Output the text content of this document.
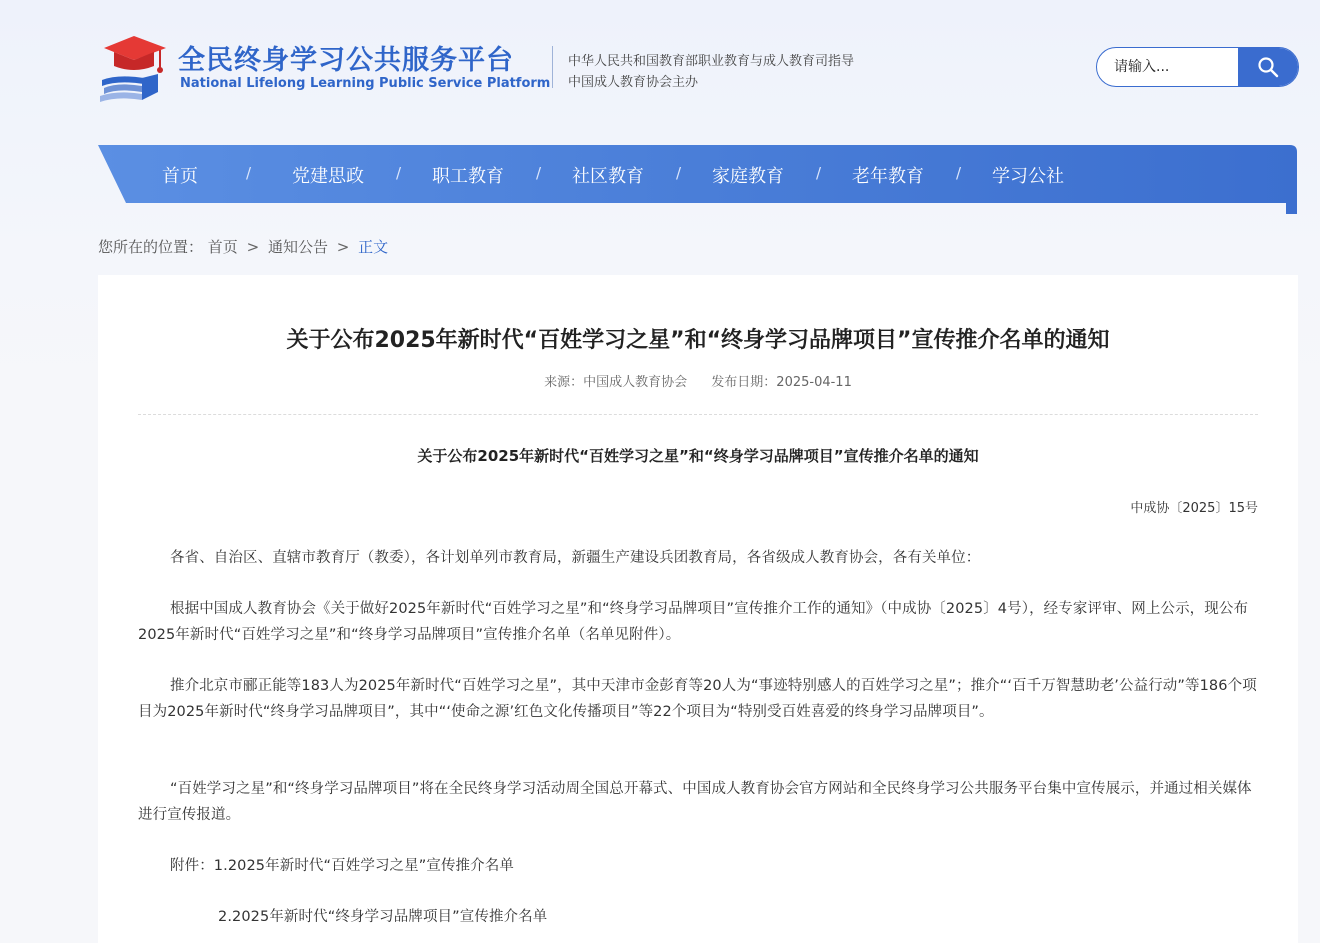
全民终身学习公共服务平台
National Lifelong Learning Public Service Platform
中华人民共和国教育部职业教育与成人教育司指导
中国成人教育协会主办
请输入...
首页	/ 党建思政 / 职工教育 / 社区教育 / 家庭教育 / 老年教育 / 学习公社
您所在的位置： 首页 > 通知公告 > 正文
关于公布2025年新时代“百姓学习之星”和“终身学习品牌项目”宣传推介名单的通知
来源：中国成人教育协会 发布日期：2025-04-11
关于公布2025年新时代“百姓学习之星”和“终身学习品牌项目”宣传推介名单的通知
中成协〔2025〕15号

各省、自治区、直辖市教育厅（教委），各计划单列市教育局，新疆生产建设兵团教育局，各省级成人教育协会，各有关单位：

根据中国成人教育协会《关于做好2025年新时代“百姓学习之星”和“终身学习品牌项目”宣传推介工作的通知》（中成协〔2025〕4号），经专家评审、网上公示，现公布2025年新时代“百姓学习之星”和“终身学习品牌项目”宣传推介名单（名单见附件）。

推介北京市郦正能等183人为2025年新时代“百姓学习之星”，其中天津市金彭育等20人为“事迹特别感人的百姓学习之星”；推介“‘百千万智慧助老’公益行动”等186个项目为2025年新时代“终身学习品牌项目”，其中“‘使命之源’红色文化传播项目”等22个项目为“特别受百姓喜爱的终身学习品牌项目”。

“百姓学习之星”和“终身学习品牌项目”将在全民终身学习活动周全国总开幕式、中国成人教育协会官方网站和全民终身学习公共服务平台集中宣传展示，并通过相关媒体进行宣传报道。

附件：1.2025年新时代“百姓学习之星”宣传推介名单

2.2025年新时代“终身学习品牌项目”宣传推介名单
